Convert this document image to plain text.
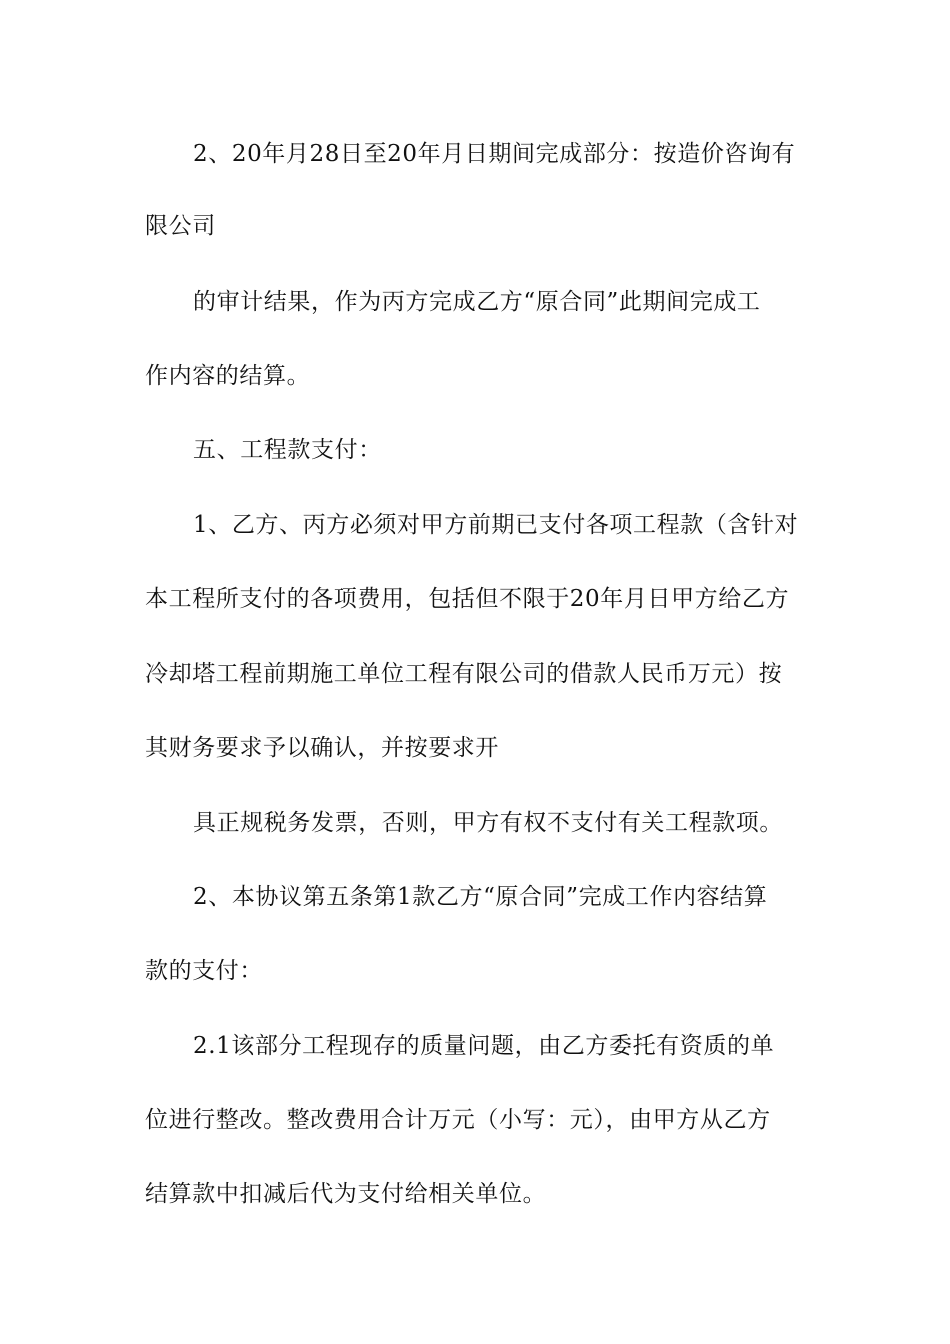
2、20年月28日至20年月日期间完成部分：按造价咨询有
限公司
的审计结果，作为丙方完成乙方“原合同”此期间完成工
作内容的结算。
五、工程款支付：
1、乙方、丙方必须对甲方前期已支付各项工程款（含针对
本工程所支付的各项费用，包括但不限于20年月日甲方给乙方
冷却塔工程前期施工单位工程有限公司的借款人民币万元）按
其财务要求予以确认，并按要求开
具正规税务发票，否则，甲方有权不支付有关工程款项。
2、本协议第五条第1款乙方“原合同”完成工作内容结算
款的支付：
2.1该部分工程现存的质量问题，由乙方委托有资质的单
位进行整改。整改费用合计万元（小写：元），由甲方从乙方
结算款中扣减后代为支付给相关单位。
